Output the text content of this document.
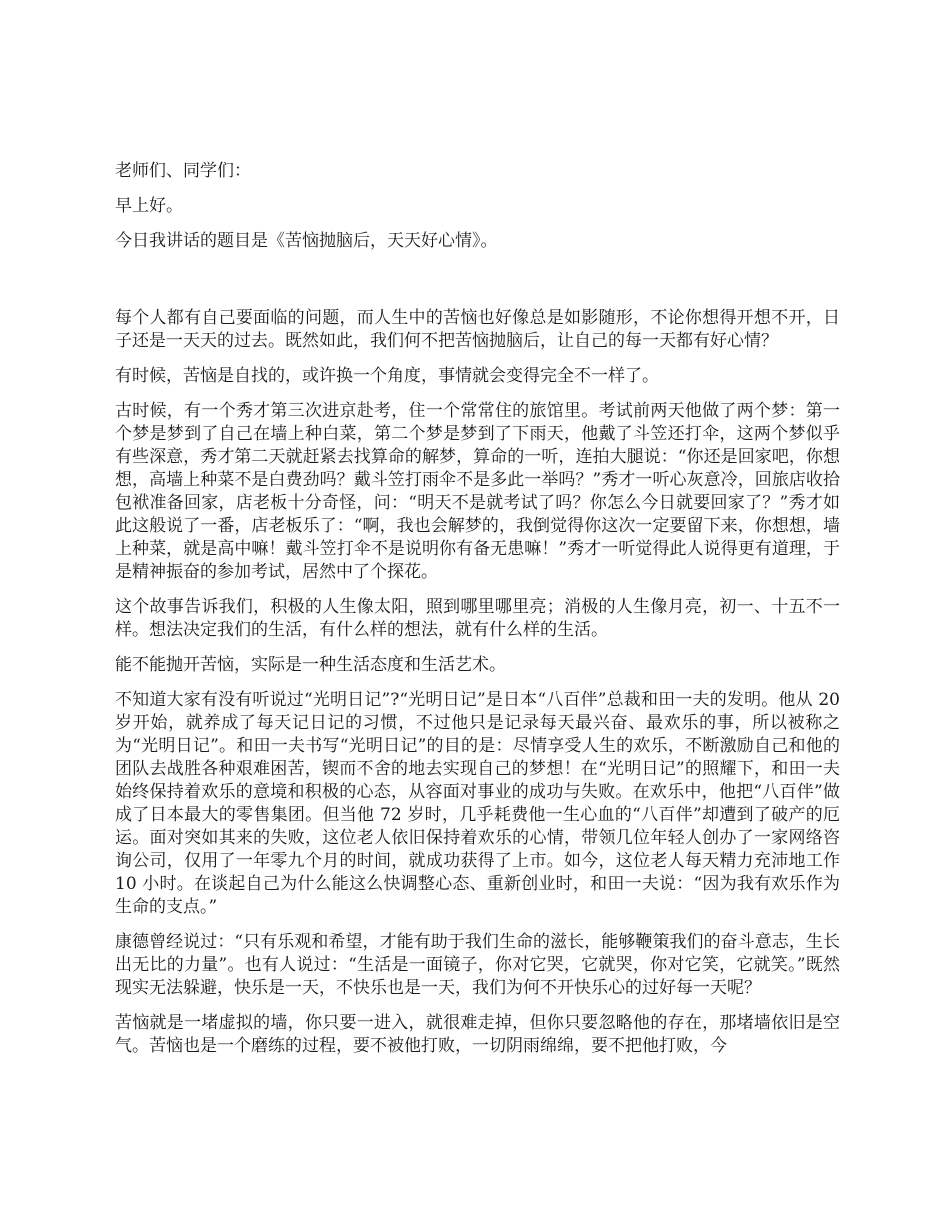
老师们、同学们：

早上好。

今日我讲话的题目是《苦恼抛脑后，天天好心情》。

每个人都有自己要面临的问题，而人生中的苦恼也好像总是如影随形，不论你想得开想不开，日子还是一天天的过去。既然如此，我们何不把苦恼抛脑后，让自己的每一天都有好心情？

有时候，苦恼是自找的，或许换一个角度，事情就会变得完全不一样了。

古时候，有一个秀才第三次进京赴考，住一个常常住的旅馆里。考试前两天他做了两个梦：第一个梦是梦到了自己在墙上种白菜，第二个梦是梦到了下雨天，他戴了斗笠还打伞，这两个梦似乎有些深意，秀才第二天就赶紧去找算命的解梦，算命的一听，连拍大腿说：“你还是回家吧，你想想，高墙上种菜不是白费劲吗？戴斗笠打雨伞不是多此一举吗？”秀才一听心灰意冷，回旅店收拾包袱准备回家，店老板十分奇怪，问：“明天不是就考试了吗？你怎么今日就要回家了？”秀才如此这般说了一番，店老板乐了：“啊，我也会解梦的，我倒觉得你这次一定要留下来，你想想，墙上种菜，就是高中嘛！戴斗笠打伞不是说明你有备无患嘛！”秀才一听觉得此人说得更有道理，于是精神振奋的参加考试，居然中了个探花。

这个故事告诉我们，积极的人生像太阳，照到哪里哪里亮；消极的人生像月亮，初一、十五不一样。想法决定我们的生活，有什么样的想法，就有什么样的生活。

能不能抛开苦恼，实际是一种生活态度和生活艺术。

不知道大家有没有听说过“光明日记”?“光明日记”是日本“八百伴”总裁和田一夫的发明。他从 20 岁开始，就养成了每天记日记的习惯，不过他只是记录每天最兴奋、最欢乐的事，所以被称之为“光明日记”。和田一夫书写“光明日记”的目的是：尽情享受人生的欢乐，不断激励自己和他的团队去战胜各种艰难困苦，锲而不舍的地去实现自己的梦想！在“光明日记”的照耀下，和田一夫始终保持着欢乐的意境和积极的心态，从容面对事业的成功与失败。在欢乐中，他把“八百伴”做成了日本最大的零售集团。但当他 72 岁时，几乎耗费他一生心血的“八百伴”却遭到了破产的厄运。面对突如其来的失败，这位老人依旧保持着欢乐的心情，带领几位年轻人创办了一家网络咨询公司，仅用了一年零九个月的时间，就成功获得了上市。如今，这位老人每天精力充沛地工作 10 小时。在谈起自己为什么能这么快调整心态、重新创业时，和田一夫说：“因为我有欢乐作为生命的支点。”

康德曾经说过：“只有乐观和希望，才能有助于我们生命的滋长，能够鞭策我们的奋斗意志，生长出无比的力量”。也有人说过：“生活是一面镜子，你对它哭，它就哭，你对它笑，它就笑。”既然现实无法躲避，快乐是一天，不快乐也是一天，我们为何不开快乐心的过好每一天呢？

苦恼就是一堵虚拟的墙，你只要一进入，就很难走掉，但你只要忽略他的存在，那堵墙依旧是空气。苦恼也是一个磨练的过程，要不被他打败，一切阴雨绵绵，要不把他打败，今
